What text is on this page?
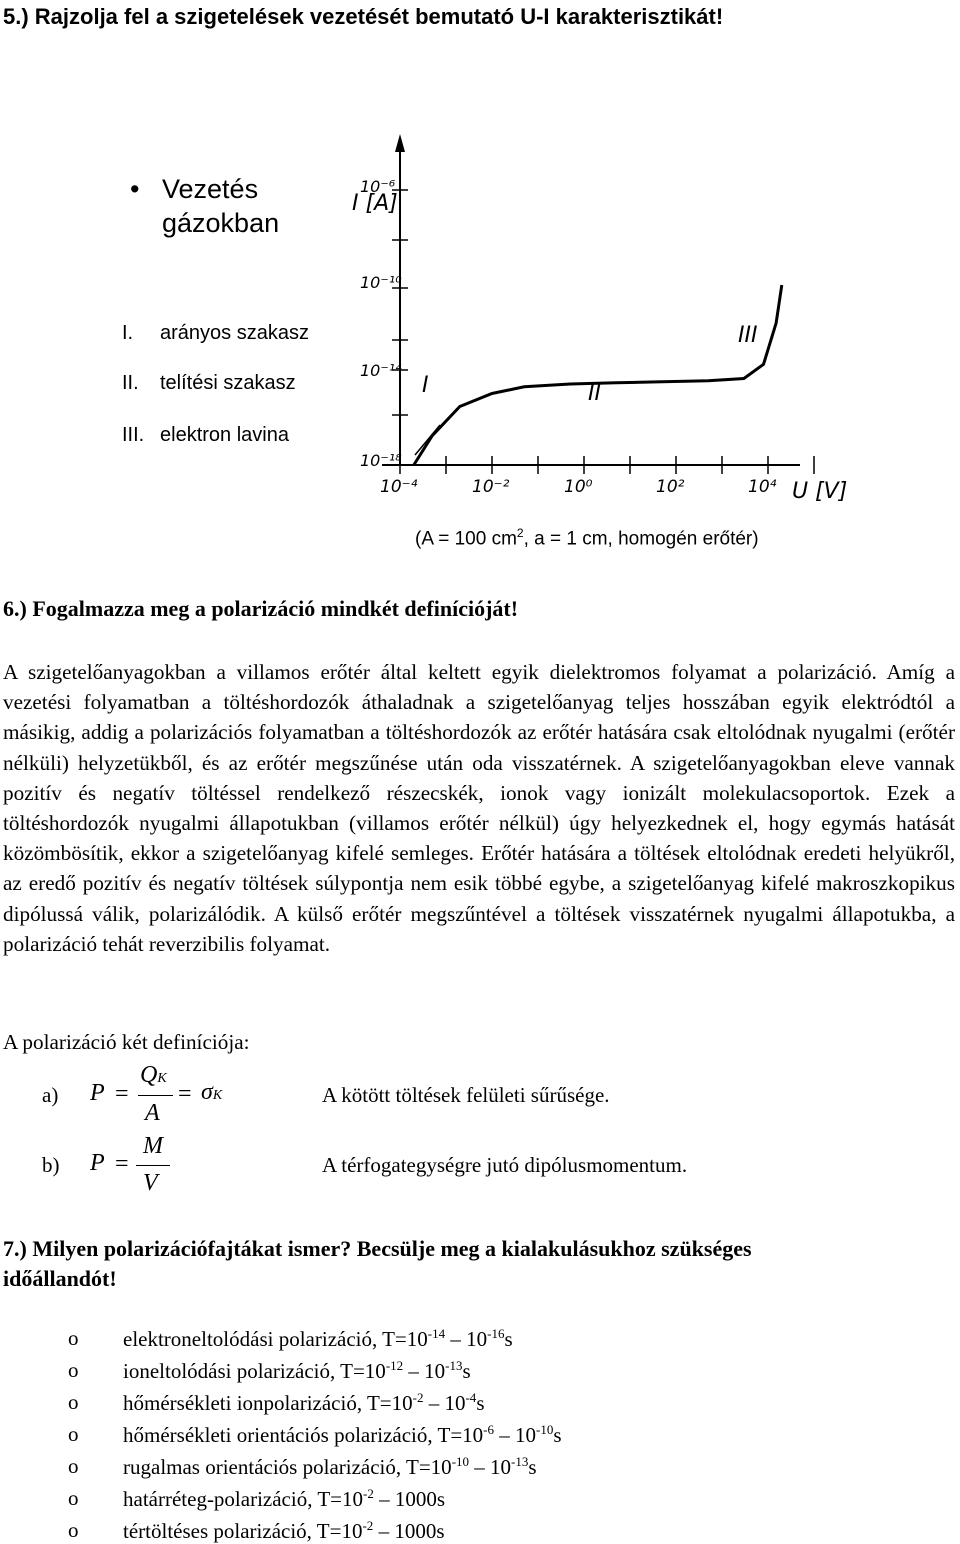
5.) Rajzolja fel a szigetelések vezetését bemutató U-I karakterisztikát!
• Vezetés gázokban
I. arányos szakasz
II. telítési szakasz
III. elektron lavina
10⁻⁴	10⁻²	10⁰	10²	10⁴
10⁻⁶
10⁻¹⁰
10⁻¹⁴
10⁻¹⁸
I [A]
U [V]
I	II
III
(A = 100 $cm^2$, a = 1 cm, homogén erőtér)
6.) Fogalmazza meg a polarizáció mindkét definícióját!

A szigetelőanyagokban a villamos erőtér által keltett egyik dielektromos folyamat a polarizáció. Amíg a vezetési folyamatban a töltéshordozók áthaladnak a szigetelőanyag teljes hosszában egyik elektródtól a másikig, addig a polarizációs folyamatban a töltéshordozók az erőtér hatására csak eltolódnak nyugalmi (erőtér nélküli) helyzetükből, és az erőtér megszűnése után oda visszatérnek. A szigetelőanyagokban eleve vannak pozitív és negatív töltéssel rendelkező részecskék, ionok vagy ionizált molekulacsoportok. Ezek a töltéshordozók nyugalmi állapotukban (villamos erőtér nélkül) úgy helyezkednek el, hogy egymás hatását közömbösítik, ekkor a szigetelőanyag kifelé semleges. Erőtér hatására a töltések eltolódnak eredeti helyükről, az eredő pozitív és negatív töltések súlypontja nem esik többé egybe, a szigetelőanyag kifelé makroszkopikus dipólussá válik, polarizálódik. A külső erőtér megszűntével a töltések visszatérnek nyugalmi állapotukba, a polarizáció tehát reverzibilis folyamat.

A polarizáció két definíciója:
a) P =
QK
A
= σK	A kötött töltések felületi sűrűsége.
b) P =
M
V
A térfogategységre jutó dipólusmomentum.
7.) Milyen polarizációfajtákat ismer? Becsülje meg a kialakulásukhoz szükséges
időállandót!
o elektroneltolódási polarizáció, $T=10^{-14} - 10^{-16}s$
o ioneltolódási polarizáció, $T=10^{-12} - 10^{-13}s$
o hőmérsékleti ionpolarizáció, $T=10^{-2} - 10^{-4}s$
o hőmérsékleti orientációs polarizáció, $T=10^{-6} - 10^{-10}s$
o rugalmas orientációs polarizáció, $T=10^{-10} - 10^{-13}s$
o határréteg-polarizáció, $T=10^{-2} - 1000s$
o tértöltéses polarizáció, $T=10^{-2} - 1000s$
